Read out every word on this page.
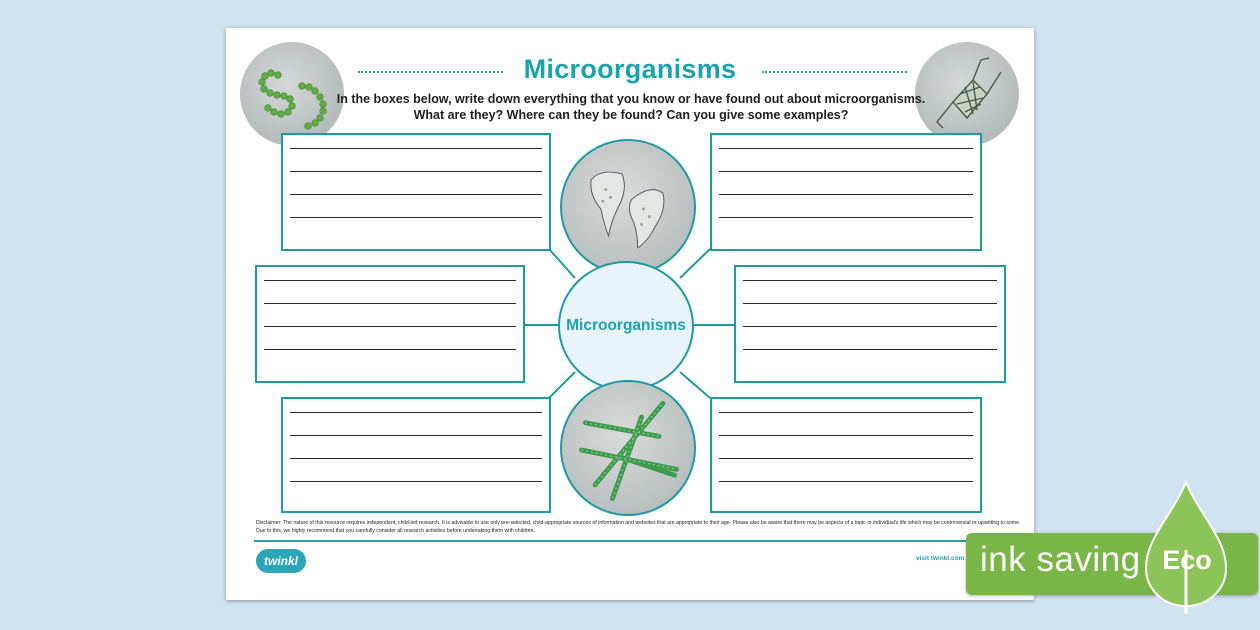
Microorganisms
In the boxes below, write down everything that you know or have found out about microorganisms.
What are they? Where can they be found? Can you give some examples?
Microorganisms
Disclaimer: The nature of this resource requires independent, child-led research. It is advisable to use only pre-selected, child-appropriate sources of information and websites that are appropriate to their age. Please also be aware that there may be aspects of a topic or individual's life which may be controversial or upsetting to some. Due to this, we highly recommend that you carefully consider all research activities before undertaking them with children.
twinkl	visit twinkl.com ink saving Eco
